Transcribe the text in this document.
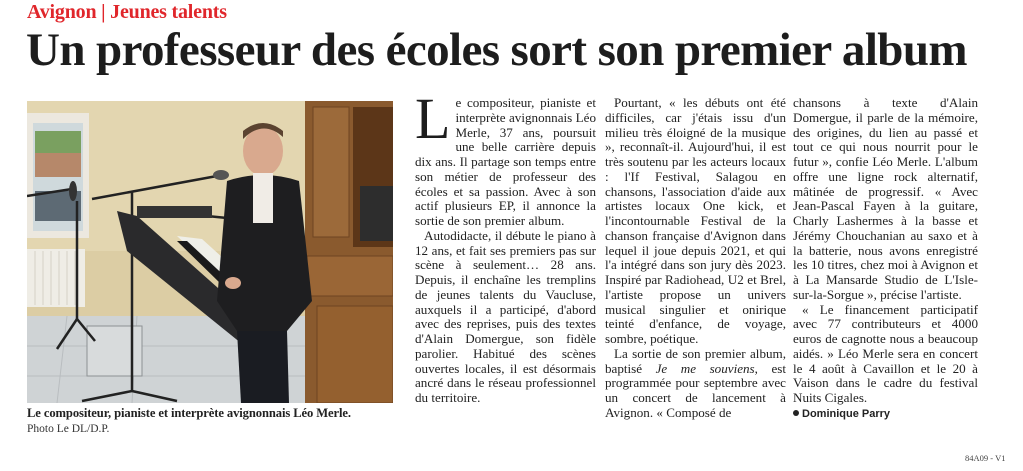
Avignon | Jeunes talents
Un professeur des écoles sort son premier album
Le compositeur, pianiste et interprète avignonnais Léo Merle.
Photo Le DL/D.P.

Le compositeur, pianiste et interprète avignonnais Léo Merle, 37 ans, poursuit une belle carrière depuis dix ans. Il partage son temps entre son métier de professeur des écoles et sa passion. Avec à son actif plusieurs EP, il annonce la sortie de son premier album.

Autodidacte, il débute le piano à 12 ans, et fait ses premiers pas sur scène à seulement… 28 ans. Depuis, il enchaîne les tremplins de jeunes talents du Vaucluse, auxquels il a participé, d'abord avec des reprises, puis des textes d'Alain Domergue, son fidèle parolier. Habitué des scènes ouvertes locales, il est désormais ancré dans le réseau professionnel du territoire.

Pourtant, « les débuts ont été difficiles, car j'étais issu d'un milieu très éloigné de la musique », reconnaît-il. Aujourd'hui, il est très soutenu par les acteurs locaux : l'If Festival, Salagou en chansons, l'association d'aide aux artistes locaux One kick, et l'incontournable Festival de la chanson française d'Avignon dans lequel il joue depuis 2021, et qui l'a intégré dans son jury dès 2023. Inspiré par Radiohead, U2 et Brel, l'artiste propose un univers musical singulier et onirique teinté d'enfance, de voyage, sombre, poétique.

La sortie de son premier album, baptisé Je me souviens, est programmée pour septembre avec un concert de lancement à Avignon. « Composé de

chansons à texte d'Alain Domergue, il parle de la mémoire, des origines, du lien au passé et tout ce qui nous nourrit pour le futur », confie Léo Merle. L'album offre une ligne rock alternatif, mâtinée de progressif. « Avec Jean-Pascal Fayen à la guitare, Charly Lashermes à la basse et Jérémy Chouchanian au saxo et à la batterie, nous avons enregistré les 10 titres, chez moi à Avignon et à La Mansarde Studio de L'Isle-sur-la-Sorgue », précise l'artiste.

« Le financement participatif avec 77 contributeurs et 4000 euros de cagnotte nous a beaucoup aidés. » Léo Merle sera en concert le 4 août à Cavaillon et le 20 à Vaison dans le cadre du festival Nuits Cigales.

Dominique Parry
84A09 - V1
